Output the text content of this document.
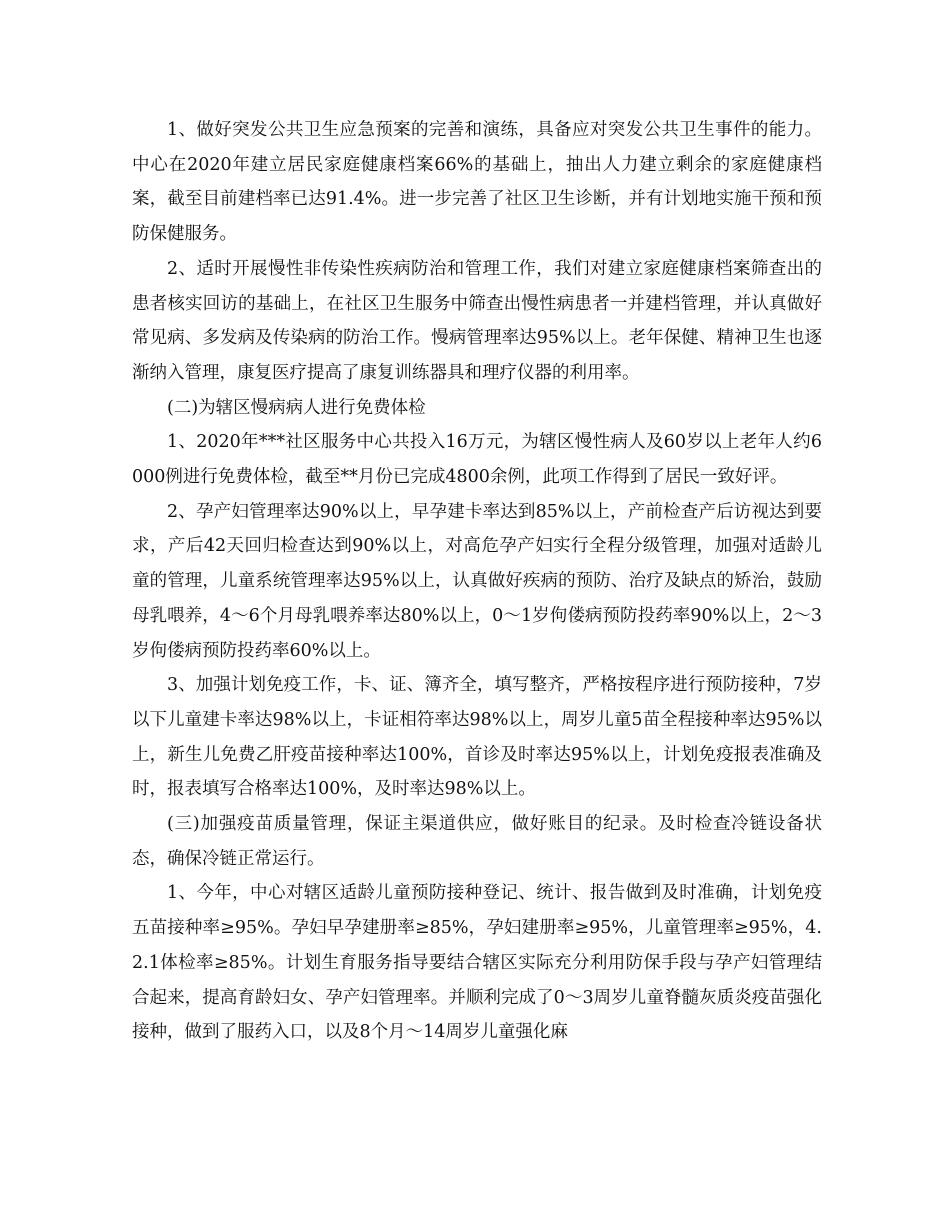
1、做好突发公共卫生应急预案的完善和演练，具备应对突发公共卫生事件的能力。中心在2020年建立居民家庭健康档案66%的基础上，抽出人力建立剩余的家庭健康档案，截至目前建档率已达91.4%。进一步完善了社区卫生诊断，并有计划地实施干预和预防保健服务。

2、适时开展慢性非传染性疾病防治和管理工作，我们对建立家庭健康档案筛查出的患者核实回访的基础上，在社区卫生服务中筛查出慢性病患者一并建档管理，并认真做好常见病、多发病及传染病的防治工作。慢病管理率达95%以上。老年保健、精神卫生也逐渐纳入管理，康复医疗提高了康复训练器具和理疗仪器的利用率。

(二)为辖区慢病病人进行免费体检

1、2020年***社区服务中心共投入16万元，为辖区慢性病人及60岁以上老年人约6000例进行免费体检，截至**月份已完成4800余例，此项工作得到了居民一致好评。

2、孕产妇管理率达90%以上，早孕建卡率达到85%以上，产前检查产后访视达到要求，产后42天回归检查达到90%以上，对高危孕产妇实行全程分级管理，加强对适龄儿童的管理，儿童系统管理率达95%以上，认真做好疾病的预防、治疗及缺点的矫治，鼓励母乳喂养，4～6个月母乳喂养率达80%以上，0～1岁佝偻病预防投药率90%以上，2～3岁佝偻病预防投药率60%以上。

3、加强计划免疫工作，卡、证、簿齐全，填写整齐，严格按程序进行预防接种，7岁以下儿童建卡率达98%以上，卡证相符率达98%以上，周岁儿童5苗全程接种率达95%以上，新生儿免费乙肝疫苗接种率达100%，首诊及时率达95%以上，计划免疫报表准确及时，报表填写合格率达100%，及时率达98%以上。

(三)加强疫苗质量管理，保证主渠道供应，做好账目的纪录。及时检查冷链设备状态，确保冷链正常运行。

1、今年，中心对辖区适龄儿童预防接种登记、统计、报告做到及时准确，计划免疫五苗接种率≥95%。孕妇早孕建册率≥85%，孕妇建册率≥95%，儿童管理率≥95%，4.2.1体检率≥85%。计划生育服务指导要结合辖区实际充分利用防保手段与孕产妇管理结合起来，提高育龄妇女、孕产妇管理率。并顺利完成了0～3周岁儿童脊髓灰质炎疫苗强化接种，做到了服药入口，以及8个月～14周岁儿童强化麻
